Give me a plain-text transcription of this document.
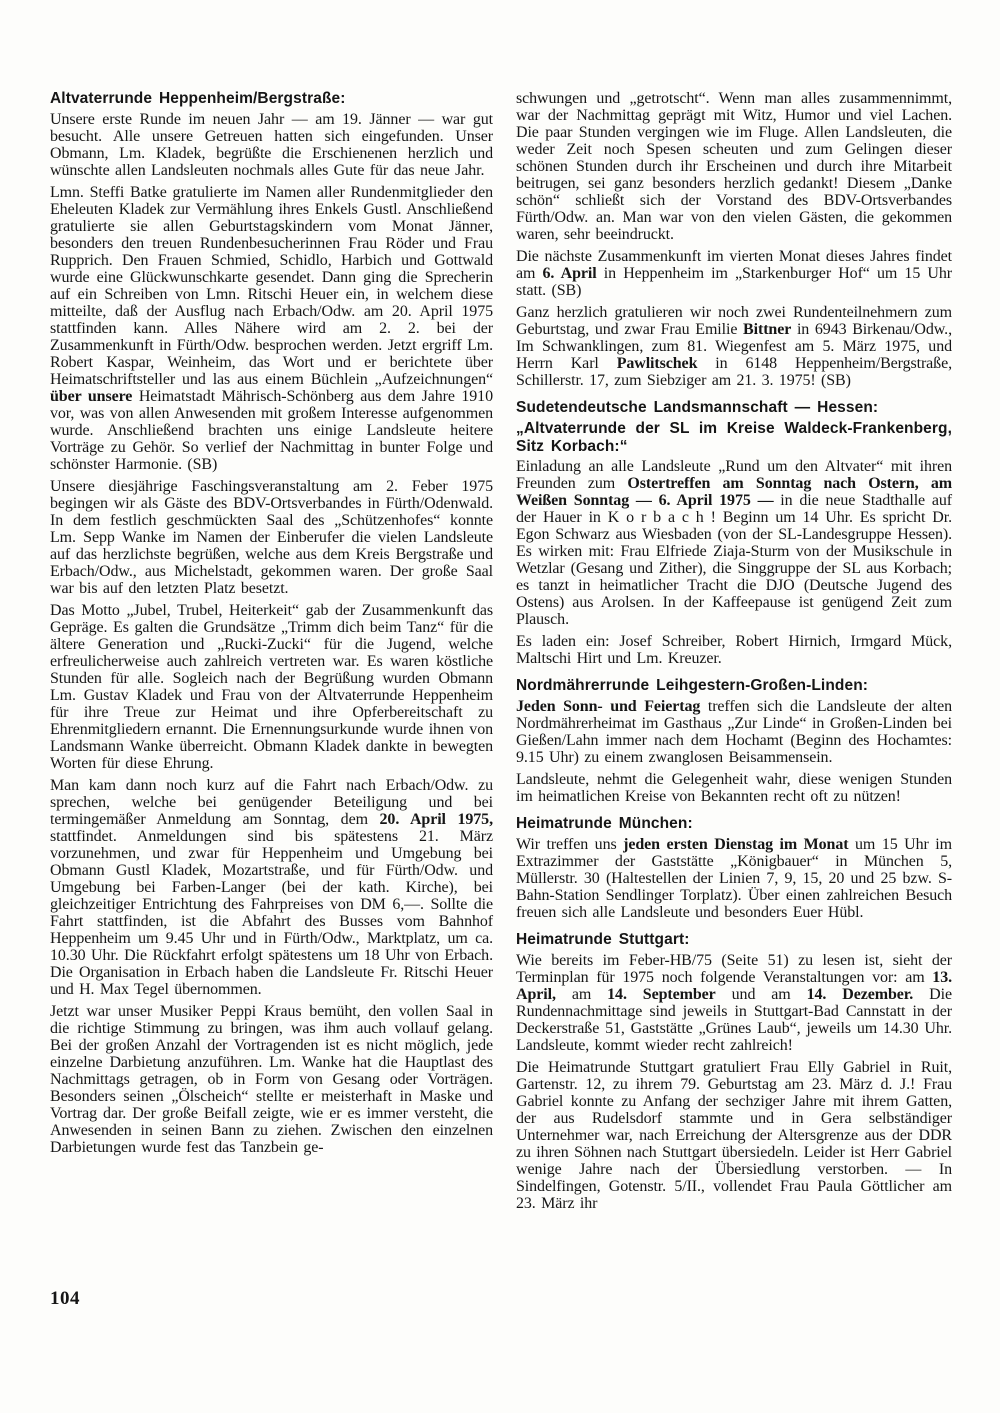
Altvaterrunde Heppenheim/Bergstraße:

Unsere erste Runde im neuen Jahr — am 19. Jänner — war gut besucht. Alle unsere Getreuen hatten sich eingefunden. Unser Obmann, Lm. Kladek, begrüßte die Erschienenen herzlich und wünschte allen Landsleuten nochmals alles Gute für das neue Jahr.

Lmn. Steffi Batke gratulierte im Namen aller Rundenmitglieder den Eheleuten Kladek zur Vermählung ihres Enkels Gustl. Anschließend gratulierte sie allen Geburtstagskindern vom Monat Jänner, besonders den treuen Rundenbesucherinnen Frau Röder und Frau Rupprich. Den Frauen Schmied, Schidlo, Harbich und Gottwald wurde eine Glückwunschkarte gesendet. Dann ging die Sprecherin auf ein Schreiben von Lmn. Ritschi Heuer ein, in welchem diese mitteilte, daß der Ausflug nach Erbach/Odw. am 20. April 1975 stattfinden kann. Alles Nähere wird am 2. 2. bei der Zusammenkunft in Fürth/Odw. besprochen werden. Jetzt ergriff Lm. Robert Kaspar, Weinheim, das Wort und er berichtete über Heimatschriftsteller und las aus einem Büchlein „Aufzeichnungen“ über unsere Heimatstadt Mährisch-Schönberg aus dem Jahre 1910 vor, was von allen Anwesenden mit großem Interesse aufgenommen wurde. Anschließend brachten uns einige Landsleute heitere Vorträge zu Gehör. So verlief der Nachmittag in bunter Folge und schönster Harmonie. (SB)

Unsere diesjährige Faschingsveranstaltung am 2. Feber 1975 begingen wir als Gäste des BDV-Ortsverbandes in Fürth/Odenwald. In dem festlich geschmückten Saal des „Schützenhofes“ konnte Lm. Sepp Wanke im Namen der Einberufer die vielen Landsleute auf das herzlichste begrüßen, welche aus dem Kreis Bergstraße und Erbach/Odw., aus Michelstadt, gekommen waren. Der große Saal war bis auf den letzten Platz besetzt.

Das Motto „Jubel, Trubel, Heiterkeit“ gab der Zusammenkunft das Gepräge. Es galten die Grundsätze „Trimm dich beim Tanz“ für die ältere Generation und „Rucki-Zucki“ für die Jugend, welche erfreulicherweise auch zahlreich vertreten war. Es waren köstliche Stunden für alle. Sogleich nach der Begrüßung wurden Obmann Lm. Gustav Kladek und Frau von der Altvaterrunde Heppenheim für ihre Treue zur Heimat und ihre Opferbereitschaft zu Ehrenmitgliedern ernannt. Die Ernennungsurkunde wurde ihnen von Landsmann Wanke überreicht. Obmann Kladek dankte in bewegten Worten für diese Ehrung.

Man kam dann noch kurz auf die Fahrt nach Erbach/Odw. zu sprechen, welche bei genügender Beteiligung und bei termingemäßer Anmeldung am Sonntag, dem 20. April 1975, stattfindet. Anmeldungen sind bis spätestens 21. März vorzunehmen, und zwar für Heppenheim und Umgebung bei Obmann Gustl Kladek, Mozartstraße, und für Fürth/Odw. und Umgebung bei Farben-Langer (bei der kath. Kirche), bei gleichzeitiger Entrichtung des Fahrpreises von DM 6,—. Sollte die Fahrt stattfinden, ist die Abfahrt des Busses vom Bahnhof Heppenheim um 9.45 Uhr und in Fürth/Odw., Marktplatz, um ca. 10.30 Uhr. Die Rückfahrt erfolgt spätestens um 18 Uhr von Erbach. Die Organisation in Erbach haben die Landsleute Fr. Ritschi Heuer und H. Max Tegel übernommen.

Jetzt war unser Musiker Peppi Kraus bemüht, den vollen Saal in die richtige Stimmung zu bringen, was ihm auch vollauf gelang. Bei der großen Anzahl der Vortragenden ist es nicht möglich, jede einzelne Darbietung anzuführen. Lm. Wanke hat die Hauptlast des Nachmittags getragen, ob in Form von Gesang oder Vorträgen. Besonders seinen „Ölscheich“ stellte er meisterhaft in Maske und Vortrag dar. Der große Beifall zeigte, wie er es immer versteht, die Anwesenden in seinen Bann zu ziehen. Zwischen den einzelnen Darbietungen wurde fest das Tanzbein ge-

schwungen und „getrotscht“. Wenn man alles zusammennimmt, war der Nachmittag geprägt mit Witz, Humor und viel Lachen. Die paar Stunden vergingen wie im Fluge. Allen Landsleuten, die weder Zeit noch Spesen scheuten und zum Gelingen dieser schönen Stunden durch ihr Erscheinen und durch ihre Mitarbeit beitrugen, sei ganz besonders herzlich gedankt! Diesem „Danke schön“ schließt sich der Vorstand des BDV-Ortsverbandes Fürth/Odw. an. Man war von den vielen Gästen, die gekommen waren, sehr beeindruckt.

Die nächste Zusammenkunft im vierten Monat dieses Jahres findet am 6. April in Heppenheim im „Starkenburger Hof“ um 15 Uhr statt. (SB)

Ganz herzlich gratulieren wir noch zwei Rundenteilnehmern zum Geburtstag, und zwar Frau Emilie Bittner in 6943 Birkenau/Odw., Im Schwanklingen, zum 81. Wiegenfest am 5. März 1975, und Herrn Karl Pawlitschek in 6148 Heppenheim/Bergstraße, Schillerstr. 17, zum Siebziger am 21. 3. 1975! (SB)

Sudetendeutsche Landsmannschaft — Hessen:
„Altvaterrunde der SL im Kreise Waldeck-Frankenberg, Sitz Korbach:“

Einladung an alle Landsleute „Rund um den Altvater“ mit ihren Freunden zum Ostertreffen am Sonntag nach Ostern, am Weißen Sonntag — 6. April 1975 — in die neue Stadthalle auf der Hauer in K o r b a c h ! Beginn um 14 Uhr. Es spricht Dr. Egon Schwarz aus Wiesbaden (von der SL-Landesgruppe Hessen). Es wirken mit: Frau Elfriede Ziaja-Sturm von der Musikschule in Wetzlar (Gesang und Zither), die Singgruppe der SL aus Korbach; es tanzt in heimatlicher Tracht die DJO (Deutsche Jugend des Ostens) aus Arolsen. In der Kaffeepause ist genügend Zeit zum Plausch.

Es laden ein: Josef Schreiber, Robert Hirnich, Irmgard Mück, Maltschi Hirt und Lm. Kreuzer.

Nordmährerrunde Leihgestern-Großen-Linden:

Jeden Sonn- und Feiertag treffen sich die Landsleute der alten Nordmährerheimat im Gasthaus „Zur Linde“ in Großen-Linden bei Gießen/Lahn immer nach dem Hochamt (Beginn des Hochamtes: 9.15 Uhr) zu einem zwanglosen Beisammensein.

Landsleute, nehmt die Gelegenheit wahr, diese wenigen Stunden im heimatlichen Kreise von Bekannten recht oft zu nützen!

Heimatrunde München:

Wir treffen uns jeden ersten Dienstag im Monat um 15 Uhr im Extrazimmer der Gaststätte „Königbauer“ in München 5, Müllerstr. 30 (Haltestellen der Linien 7, 9, 15, 20 und 25 bzw. S-Bahn-Station Sendlinger Torplatz). Über einen zahlreichen Besuch freuen sich alle Landsleute und besonders Euer Hübl.

Heimatrunde Stuttgart:

Wie bereits im Feber-HB/75 (Seite 51) zu lesen ist, sieht der Terminplan für 1975 noch folgende Veranstaltungen vor: am 13. April, am 14. September und am 14. Dezember. Die Rundennachmittage sind jeweils in Stuttgart-Bad Cannstatt in der Deckerstraße 51, Gaststätte „Grünes Laub“, jeweils um 14.30 Uhr. Landsleute, kommt wieder recht zahlreich!

Die Heimatrunde Stuttgart gratuliert Frau Elly Gabriel in Ruit, Gartenstr. 12, zu ihrem 79. Geburtstag am 23. März d. J.! Frau Gabriel konnte zu Anfang der sechziger Jahre mit ihrem Gatten, der aus Rudelsdorf stammte und in Gera selbständiger Unternehmer war, nach Erreichung der Altersgrenze aus der DDR zu ihren Söhnen nach Stuttgart übersiedeln. Leider ist Herr Gabriel wenige Jahre nach der Übersiedlung verstorben. — In Sindelfingen, Gotenstr. 5/II., vollendet Frau Paula Göttlicher am 23. März ihr

104
